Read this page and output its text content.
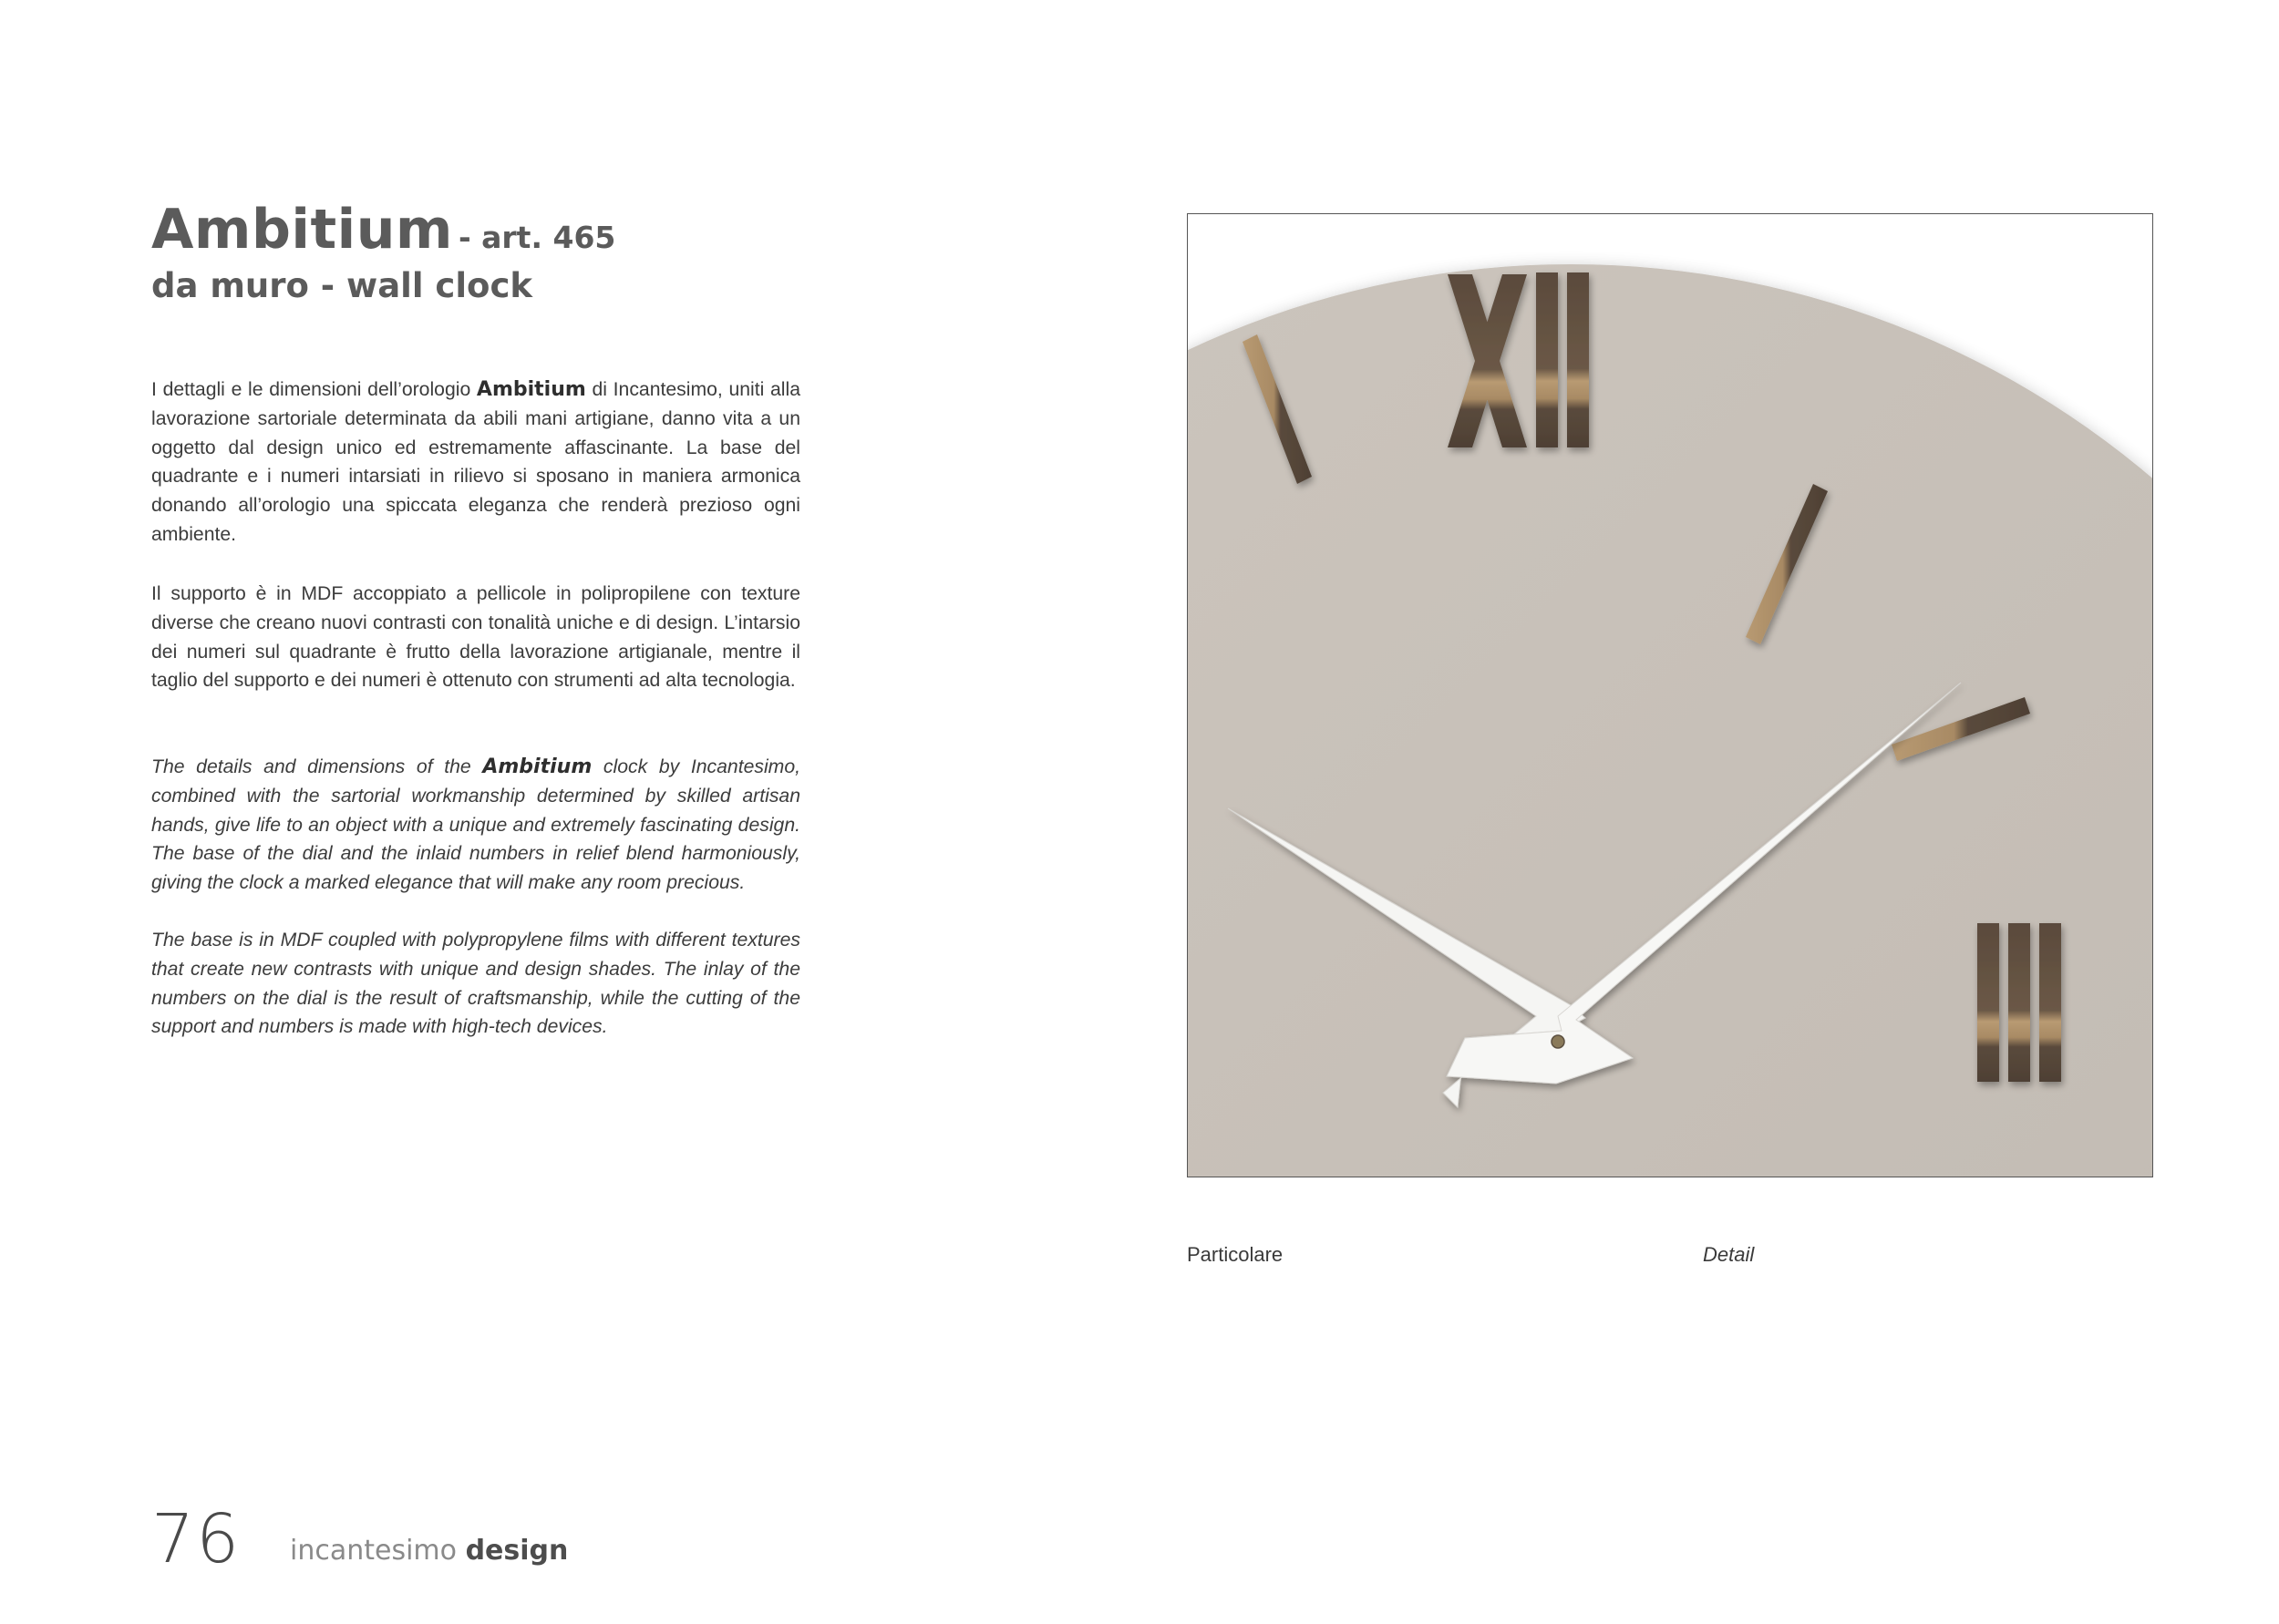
Ambitium - art. 465
da muro - wall clock

I dettagli e le dimensioni dell’orologio Ambitium di Incantesimo, uniti alla lavorazione sartoriale determinata da abili mani artigiane, danno vita a un oggetto dal design unico ed estremamente affascinante. La base del quadrante e i numeri intarsiati in rilievo si sposano in maniera armonica donando all’orologio una spiccata eleganza che renderà prezioso ogni ambiente.

Il supporto è in MDF accoppiato a pellicole in polipropilene con texture diverse che creano nuovi contrasti con tonalità uniche e di design. L’intarsio dei numeri sul quadrante è frutto della lavorazione artigianale, mentre il taglio del supporto e dei numeri è ottenuto con strumenti ad alta tecnologia.

The details and dimensions of the Ambitium clock by Incantesimo, combined with the sartorial workmanship determined by skilled artisan hands, give life to an object with a unique and extremely fascinating design. The base of the dial and the inlaid numbers in relief blend harmoniously, giving the clock a marked elegance that will make any room precious.

The base is in MDF coupled with polypropylene films with different textures that create new contrasts with unique and design shades. The inlay of the numbers on the dial is the result of craftsmanship, while the cutting of the support and numbers is made with high-tech devices.

Particolare	Detail
76 incantesimo design
